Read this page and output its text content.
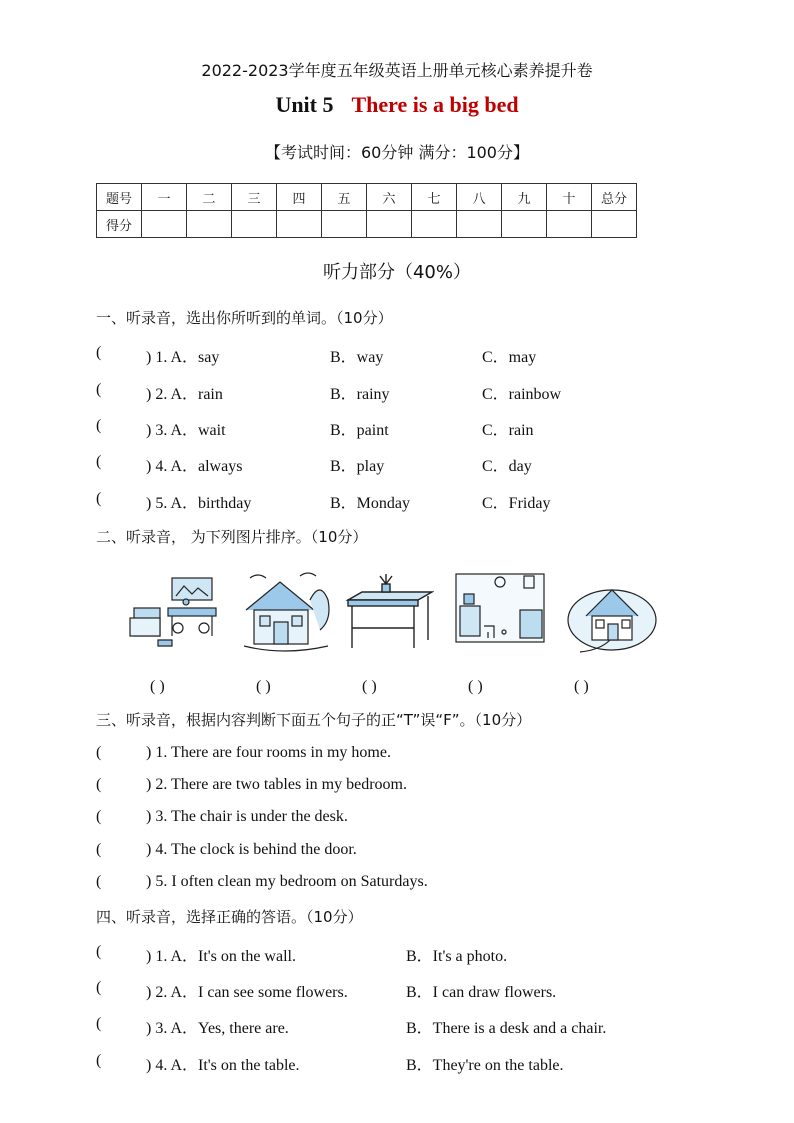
2022-2023学年度五年级英语上册单元核心素养提升卷
Unit 5 There is a big bed
【考试时间：60分钟 满分：100分】
题号	一	二	三	四	五	六	七	八	九	十	总分
得分											
听力部分（40%）
一、听录音，选出你所听到的单词。（10分）
(	) 1. A．say	B．way	C．may
(	) 2. A．rain	B．rainy	C．rainbow
(	) 3. A．wait	B．paint	C．rain
(	) 4. A．always	B．play	C．day
(	) 5. A．birthday	B．Monday	C．Friday
二、听录音， 为下列图片排序。（10分）
( )	( )	( )	( )	( )
三、听录音，根据内容判断下面五个句子的正“T”误“F”。（10分）
(	) 1. There are four rooms in my home.
(	) 2. There are two tables in my bedroom.
(	) 3. The chair is under the desk.
(	) 4. The clock is behind the door.
(	) 5. I often clean my bedroom on Saturdays.
四、听录音，选择正确的答语。（10分）
(	) 1. A．It's on the wall.	B．It's a photo.
(	) 2. A．I can see some flowers.	B．I can draw flowers.
(	) 3. A．Yes, there are.	B．There is a desk and a chair.
(	) 4. A．It's on the table.	B．They're on the table.
